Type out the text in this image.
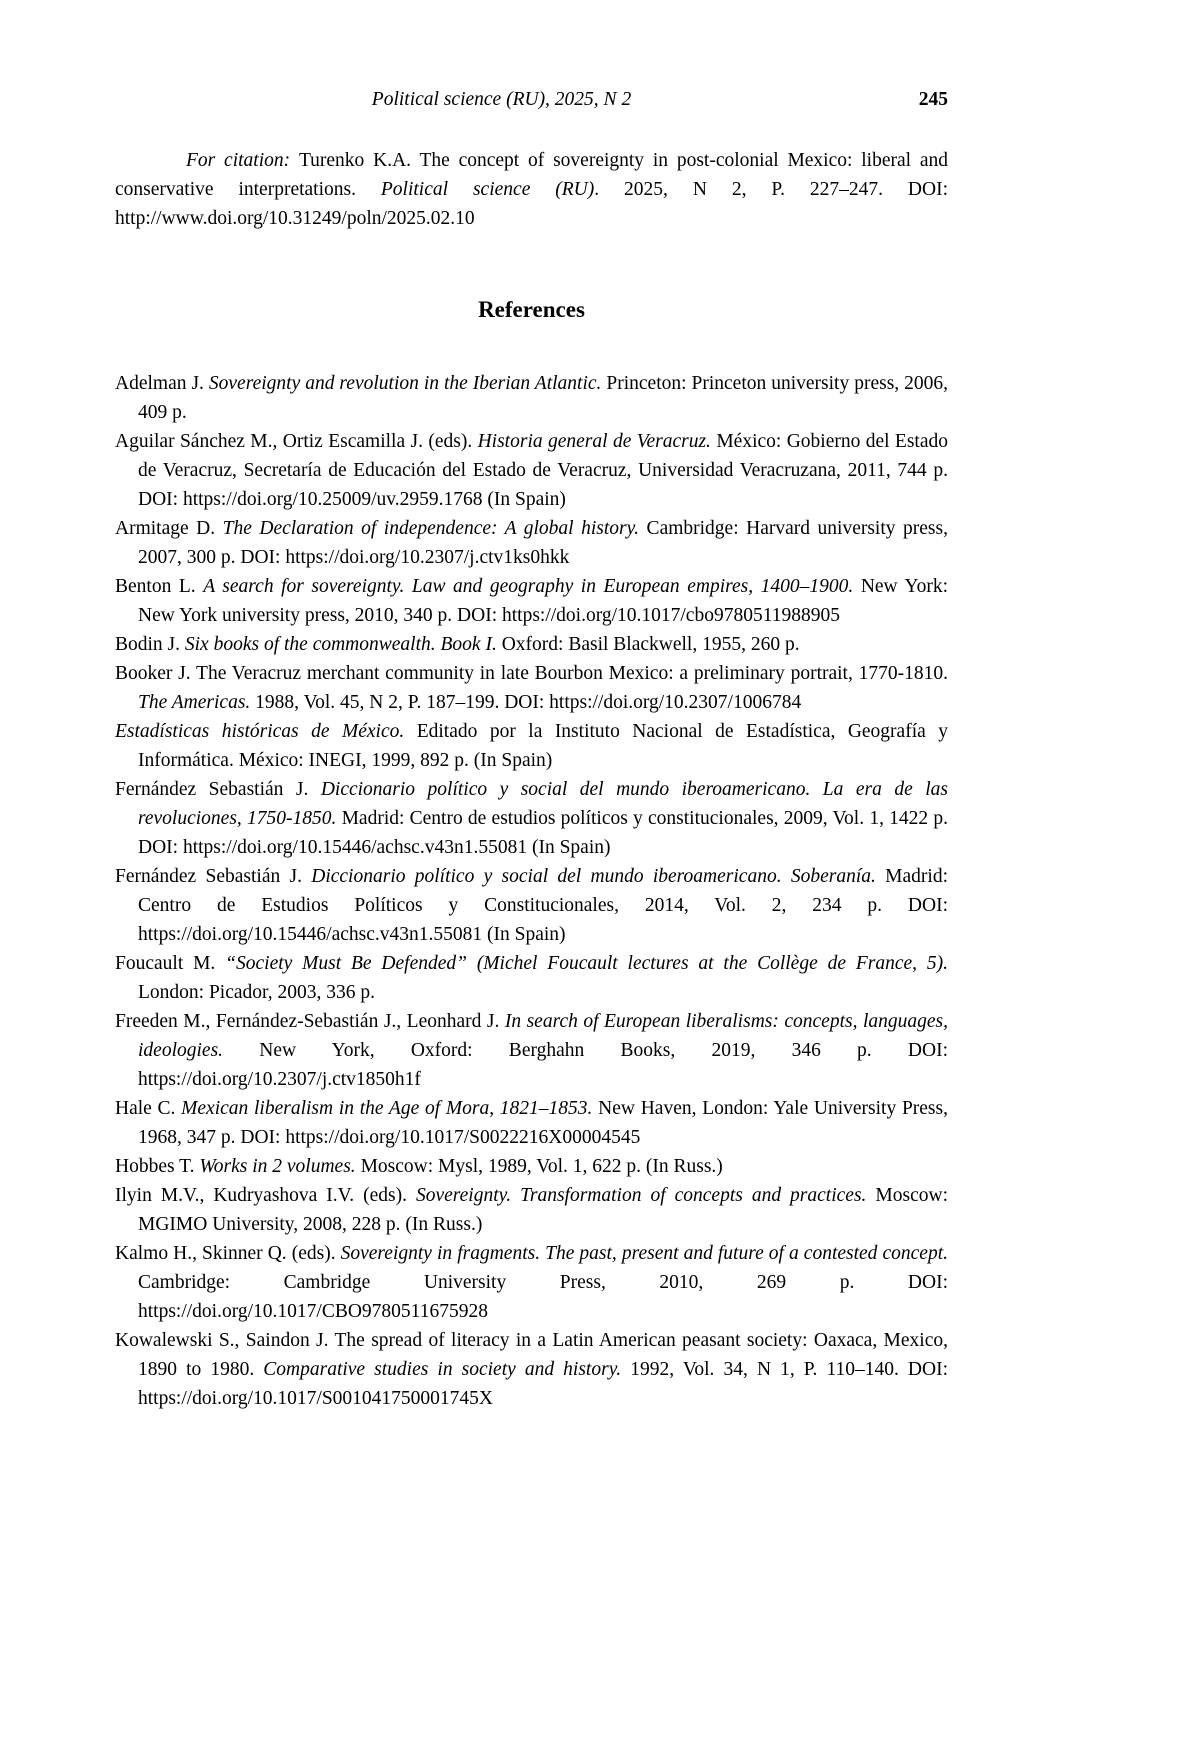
Political science (RU), 2025, N 2	245

For citation: Turenko K.A. The concept of sovereignty in post-colonial Mexico: liberal and conservative interpretations. Political science (RU). 2025, N 2, P. 227–247. DOI: http://www.doi.org/10.31249/poln/2025.02.10

References

Adelman J. Sovereignty and revolution in the Iberian Atlantic. Princeton: Princeton university press, 2006, 409 p.

Aguilar Sánchez M., Ortiz Escamilla J. (eds). Historia general de Veracruz. México: Gobierno del Estado de Veracruz, Secretaría de Educación del Estado de Veracruz, Universidad Veracruzana, 2011, 744 p. DOI: https://doi.org/10.25009/uv.2959.1768 (In Spain)

Armitage D. The Declaration of independence: A global history. Cambridge: Harvard university press, 2007, 300 p. DOI: https://doi.org/10.2307/j.ctv1ks0hkk

Benton L. A search for sovereignty. Law and geography in European empires, 1400–1900. New York: New York university press, 2010, 340 p. DOI: https://doi.org/10.1017/cbo9780511988905

Bodin J. Six books of the commonwealth. Book I. Oxford: Basil Blackwell, 1955, 260 p.

Booker J. The Veracruz merchant community in late Bourbon Mexico: a preliminary portrait, 1770-1810. The Americas. 1988, Vol. 45, N 2, P. 187–199. DOI: https://doi.org/10.2307/1006784

Estadísticas históricas de México. Editado por la Instituto Nacional de Estadística, Geografía y Informática. México: INEGI, 1999, 892 p. (In Spain)

Fernández Sebastián J. Diccionario político y social del mundo iberoamericano. La era de las revoluciones, 1750-1850. Madrid: Centro de estudios políticos y constitucionales, 2009, Vol. 1, 1422 p. DOI: https://doi.org/10.15446/achsc.v43n1.55081 (In Spain)

Fernández Sebastián J. Diccionario político y social del mundo iberoamericano. Soberanía. Madrid: Centro de Estudios Políticos y Constitucionales, 2014, Vol. 2, 234 p. DOI: https://doi.org/10.15446/achsc.v43n1.55081 (In Spain)

Foucault M. “Society Must Be Defended” (Michel Foucault lectures at the Collège de France, 5). London: Picador, 2003, 336 p.

Freeden M., Fernández-Sebastián J., Leonhard J. In search of European liberalisms: concepts, languages, ideologies. New York, Oxford: Berghahn Books, 2019, 346 p. DOI: https://doi.org/10.2307/j.ctv1850h1f

Hale C. Mexican liberalism in the Age of Mora, 1821–1853. New Haven, London: Yale University Press, 1968, 347 p. DOI: https://doi.org/10.1017/S0022216X00004545

Hobbes T. Works in 2 volumes. Moscow: Mysl, 1989, Vol. 1, 622 p. (In Russ.)

Ilyin M.V., Kudryashova I.V. (eds). Sovereignty. Transformation of concepts and practices. Moscow: MGIMO University, 2008, 228 p. (In Russ.)

Kalmo H., Skinner Q. (eds). Sovereignty in fragments. The past, present and future of a contested concept. Cambridge: Cambridge University Press, 2010, 269 p. DOI: https://doi.org/10.1017/CBO9780511675928

Kowalewski S., Saindon J. The spread of literacy in a Latin American peasant society: Oaxaca, Mexico, 1890 to 1980. Comparative studies in society and history. 1992, Vol. 34, N 1, P. 110–140. DOI: https://doi.org/10.1017/S001041750001745X
